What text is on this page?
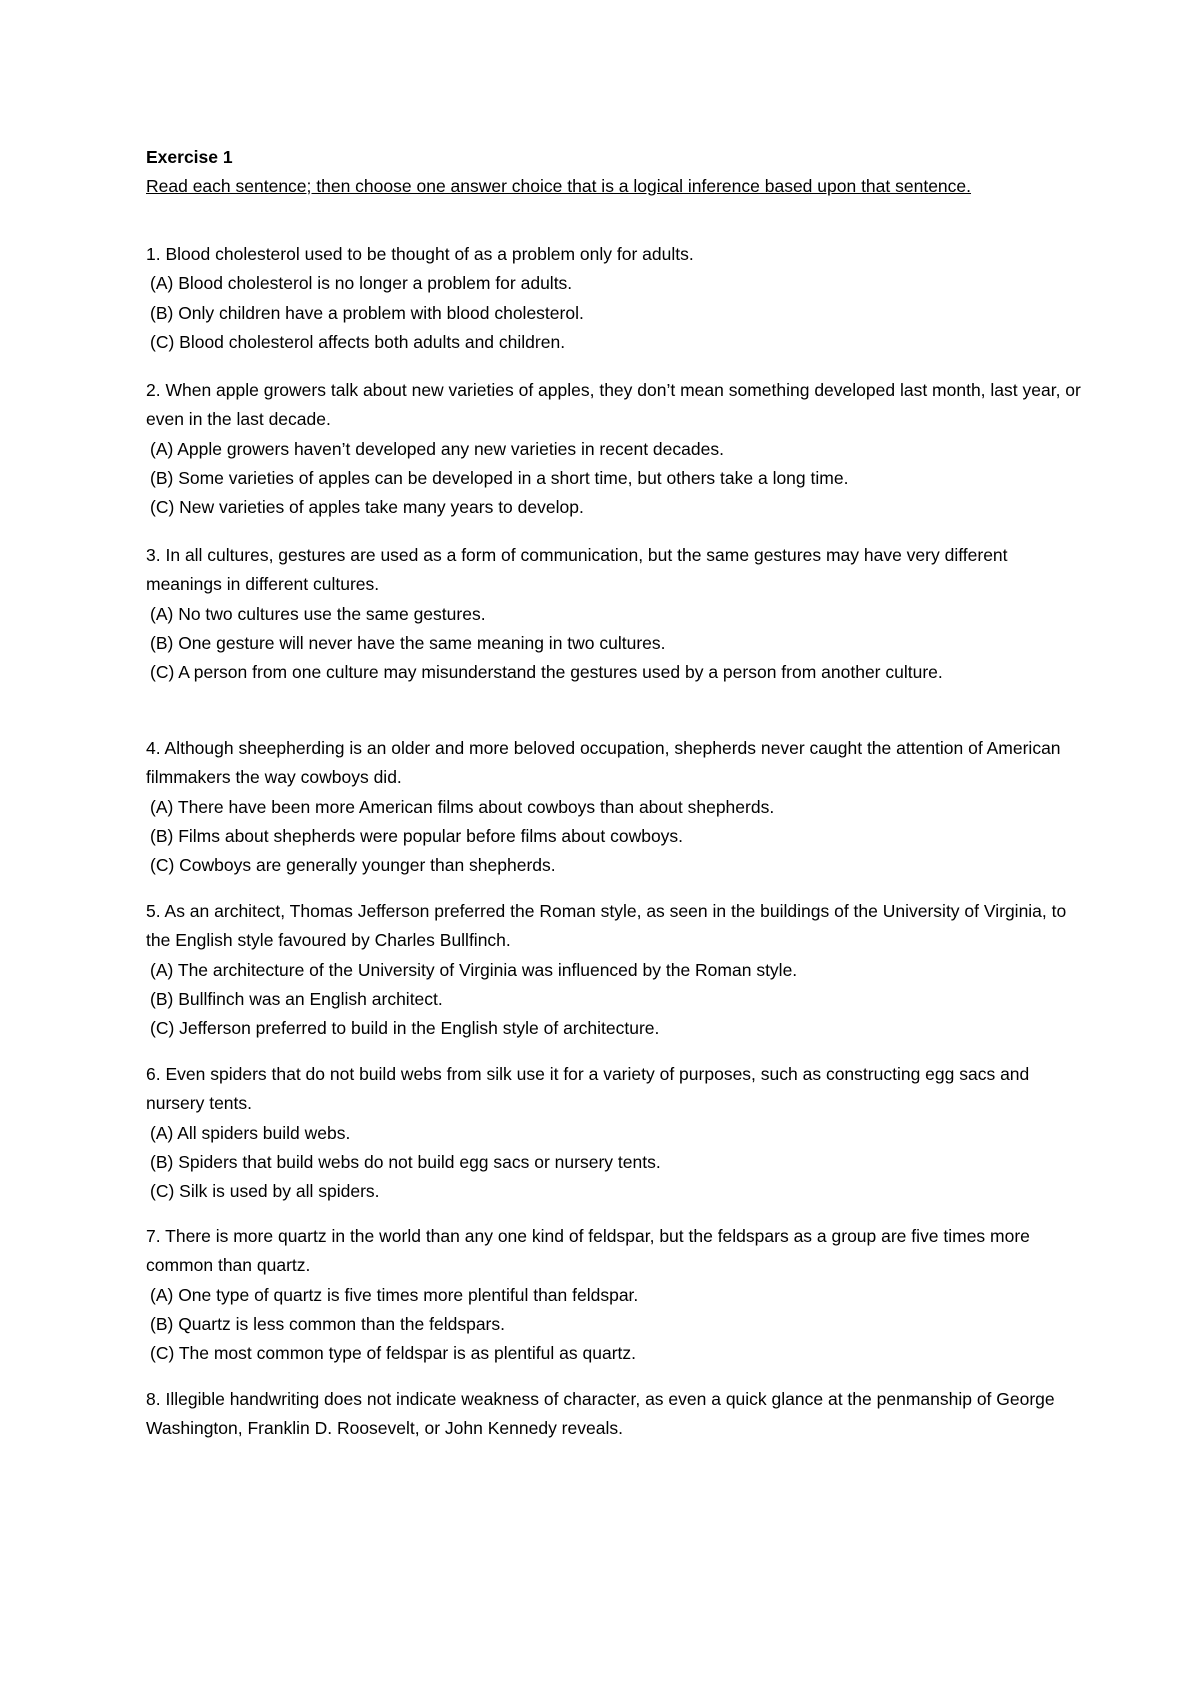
Exercise 1
Read each sentence; then choose one answer choice that is a logical inference based upon that sentence.

1. Blood cholesterol used to be thought of as a problem only for adults.

(A) Blood cholesterol is no longer a problem for adults.

(B) Only children have a problem with blood cholesterol.

(C) Blood cholesterol affects both adults and children.

2. When apple growers talk about new varieties of apples, they don’t mean something developed last month, last year, or even in the last decade.

(A) Apple growers haven’t developed any new varieties in recent decades.

(B) Some varieties of apples can be developed in a short time, but others take a long time.

(C) New varieties of apples take many years to develop.

3. In all cultures, gestures are used as a form of communication, but the same gestures may have very different meanings in different cultures.

(A) No two cultures use the same gestures.

(B) One gesture will never have the same meaning in two cultures.

(C) A person from one culture may misunderstand the gestures used by a person from another culture.

4. Although sheepherding is an older and more beloved occupation, shepherds never caught the attention of American filmmakers the way cowboys did.

(A) There have been more American films about cowboys than about shepherds.

(B) Films about shepherds were popular before films about cowboys.

(C) Cowboys are generally younger than shepherds.

5. As an architect, Thomas Jefferson preferred the Roman style, as seen in the buildings of the University of Virginia, to the English style favoured by Charles Bullfinch.

(A) The architecture of the University of Virginia was influenced by the Roman style.

(B) Bullfinch was an English architect.

(C) Jefferson preferred to build in the English style of architecture.

6. Even spiders that do not build webs from silk use it for a variety of purposes, such as constructing egg sacs and nursery tents.

(A) All spiders build webs.

(B) Spiders that build webs do not build egg sacs or nursery tents.

(C) Silk is used by all spiders.

7. There is more quartz in the world than any one kind of feldspar, but the feldspars as a group are five times more common than quartz.

(A) One type of quartz is five times more plentiful than feldspar.

(B) Quartz is less common than the feldspars.

(C) The most common type of feldspar is as plentiful as quartz.

8. Illegible handwriting does not indicate weakness of character, as even a quick glance at the penmanship of George Washington, Franklin D. Roosevelt, or John Kennedy reveals.
